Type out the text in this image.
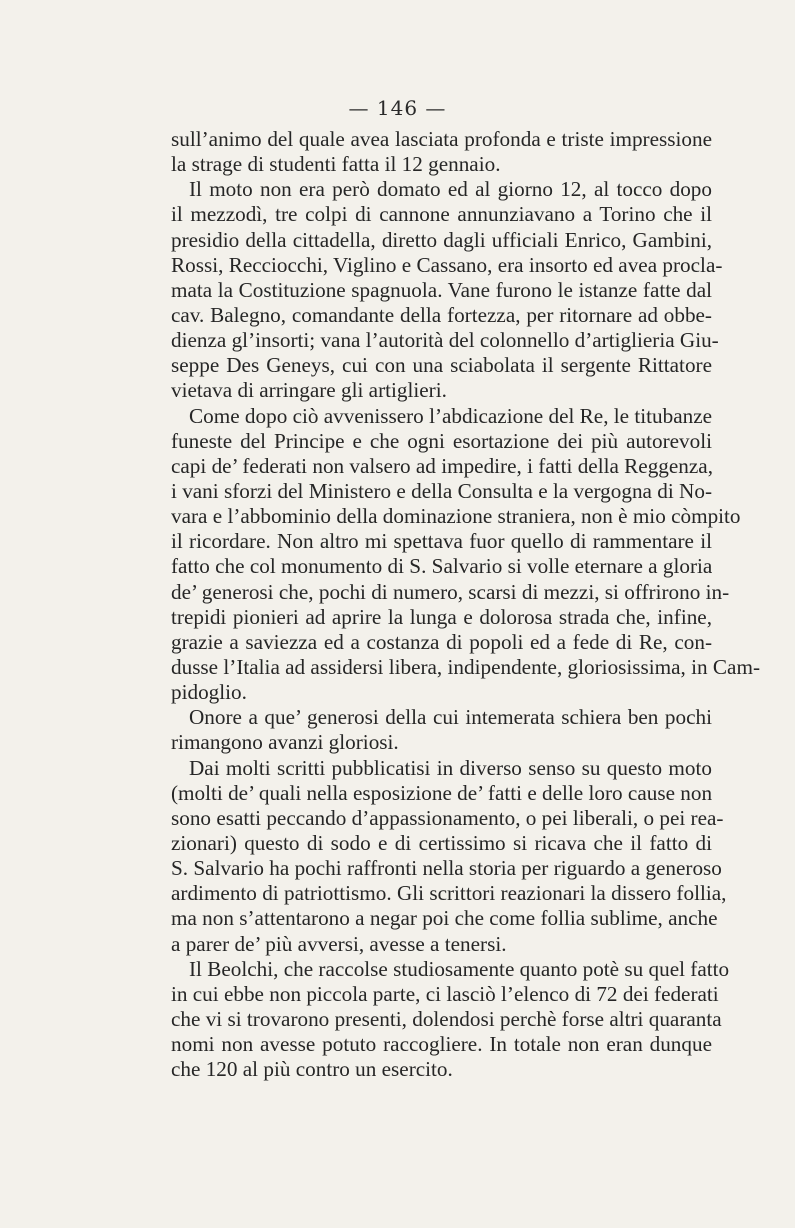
— 146 —
sull’animo del quale avea lasciata profonda e triste impressione
la strage di studenti fatta il 12 gennaio.
Il moto non era però domato ed al giorno 12, al tocco dopo
il mezzodì, tre colpi di cannone annunziavano a Torino che il
presidio della cittadella, diretto dagli ufficiali Enrico, Gambini,
Rossi, Recciocchi, Viglino e Cassano, era insorto ed avea procla-
mata la Costituzione spagnuola. Vane furono le istanze fatte dal
cav. Balegno, comandante della fortezza, per ritornare ad obbe-
dienza gl’insorti; vana l’autorità del colonnello d’artiglieria Giu-
seppe Des Geneys, cui con una sciabolata il sergente Rittatore
vietava di arringare gli artiglieri.
Come dopo ciò avvenissero l’abdicazione del Re, le titubanze
funeste del Principe e che ogni esortazione dei più autorevoli
capi de’ federati non valsero ad impedire, i fatti della Reggenza,
i vani sforzi del Ministero e della Consulta e la vergogna di No-
vara e l’abbominio della dominazione straniera, non è mio còmpito
il ricordare. Non altro mi spettava fuor quello di rammentare il
fatto che col monumento di S. Salvario si volle eternare a gloria
de’ generosi che, pochi di numero, scarsi di mezzi, si offrirono in-
trepidi pionieri ad aprire la lunga e dolorosa strada che, infine,
grazie a saviezza ed a costanza di popoli ed a fede di Re, con-
dusse l’Italia ad assidersi libera, indipendente, gloriosissima, in Cam-
pidoglio.
Onore a que’ generosi della cui intemerata schiera ben pochi
rimangono avanzi gloriosi.
Dai molti scritti pubblicatisi in diverso senso su questo moto
(molti de’ quali nella esposizione de’ fatti e delle loro cause non
sono esatti peccando d’appassionamento, o pei liberali, o pei rea-
zionari) questo di sodo e di certissimo si ricava che il fatto di
S. Salvario ha pochi raffronti nella storia per riguardo a generoso
ardimento di patriottismo. Gli scrittori reazionari la dissero follia,
ma non s’attentarono a negar poi che come follia sublime, anche
a parer de’ più avversi, avesse a tenersi.
Il Beolchi, che raccolse studiosamente quanto potè su quel fatto
in cui ebbe non piccola parte, ci lasciò l’elenco di 72 dei federati
che vi si trovarono presenti, dolendosi perchè forse altri quaranta
nomi non avesse potuto raccogliere. In totale non eran dunque
che 120 al più contro un esercito.
